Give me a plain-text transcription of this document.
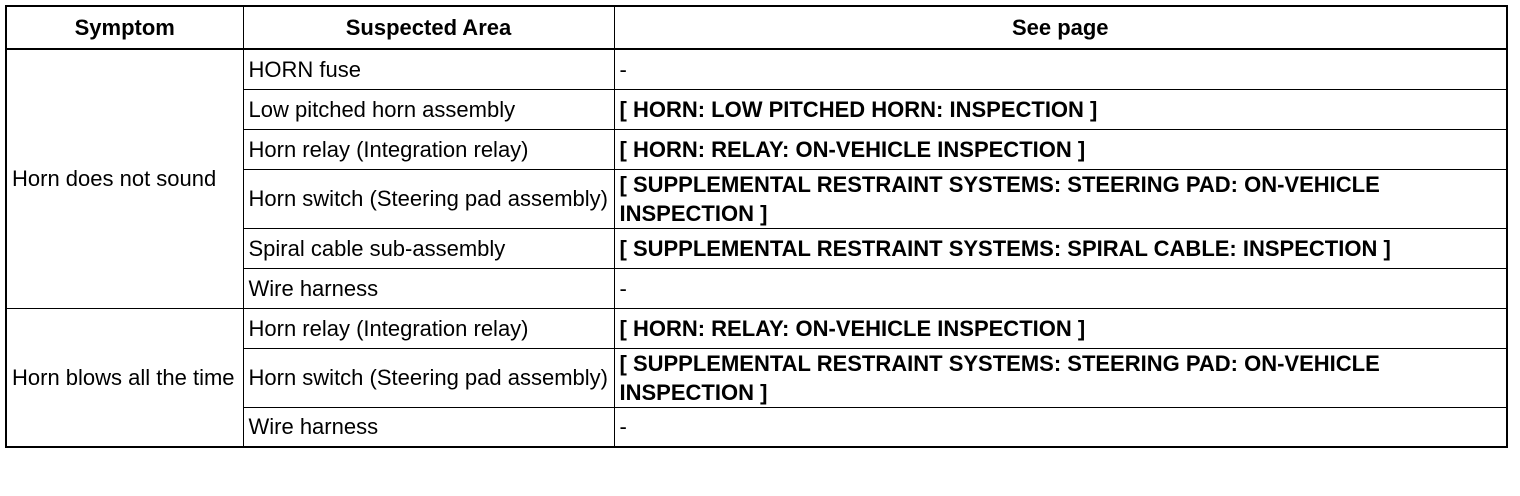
Symptom	Suspected Area	See page
Horn does not sound	HORN fuse	-
	Low pitched horn assembly	[ HORN: LOW PITCHED HORN: INSPECTION ]
	Horn relay (Integration relay)	[ HORN: RELAY: ON-VEHICLE INSPECTION ]
	Horn switch (Steering pad assembly)	[ SUPPLEMENTAL RESTRAINT SYSTEMS: STEERING PAD: ON-VEHICLE INSPECTION ]
	Spiral cable sub-assembly	[ SUPPLEMENTAL RESTRAINT SYSTEMS: SPIRAL CABLE: INSPECTION ]
	Wire harness	-
Horn blows all the time	Horn relay (Integration relay)	[ HORN: RELAY: ON-VEHICLE INSPECTION ]
	Horn switch (Steering pad assembly)	[ SUPPLEMENTAL RESTRAINT SYSTEMS: STEERING PAD: ON-VEHICLE INSPECTION ]
	Wire harness	-
